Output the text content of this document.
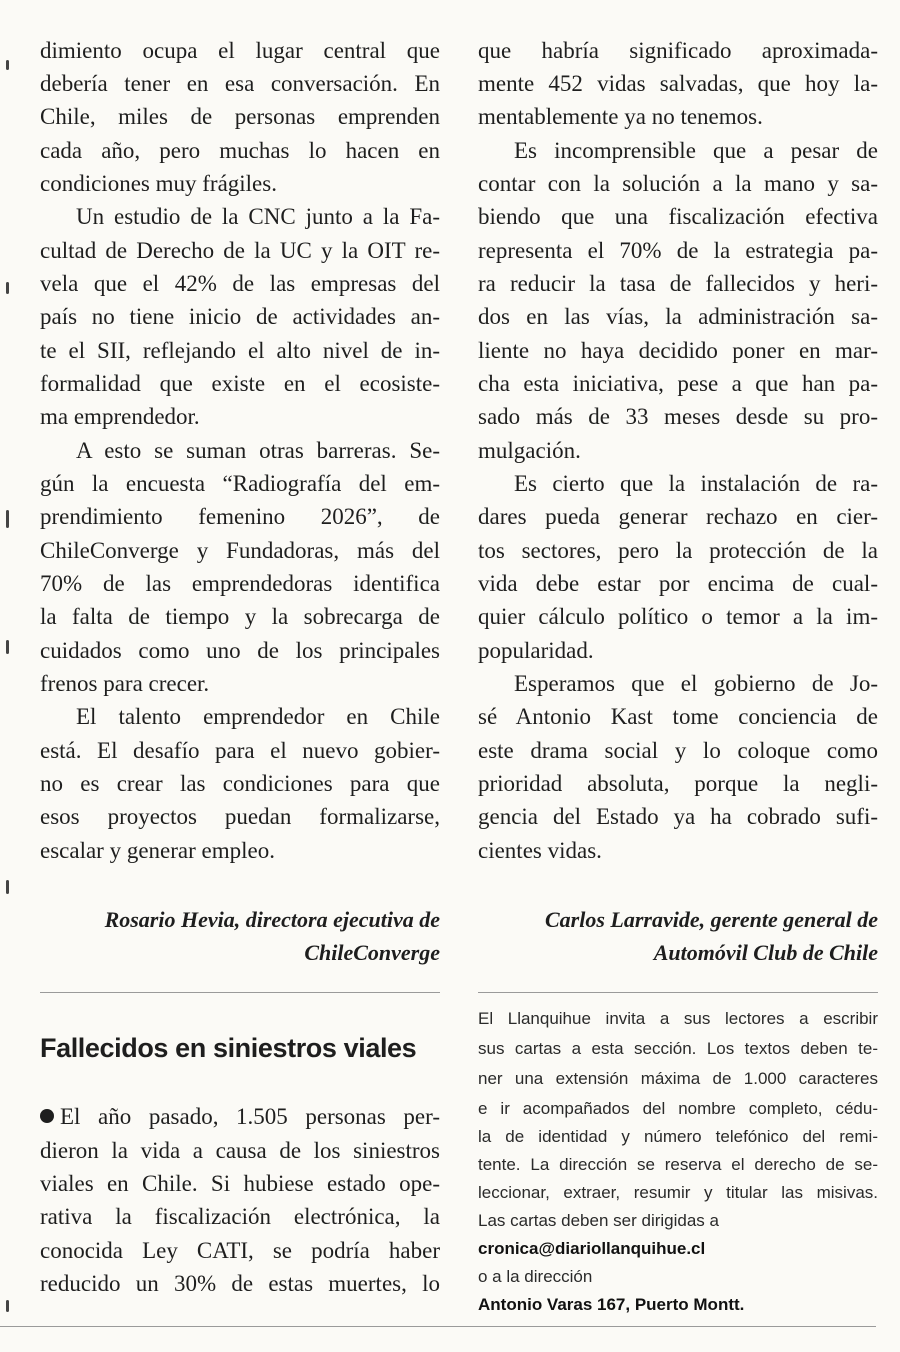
dimiento ocupa el lugar central que
debería tener en esa conversación. En
Chile, miles de personas emprenden
cada año, pero muchas lo hacen en
condiciones muy frágiles.
Un estudio de la CNC junto a la Fa-
cultad de Derecho de la UC y la OIT re-
vela que el 42% de las empresas del
país no tiene inicio de actividades an-
te el SII, reflejando el alto nivel de in-
formalidad que existe en el ecosiste-
ma emprendedor.
A esto se suman otras barreras. Se-
gún la encuesta “Radiografía del em-
prendimiento femenino 2026”, de
ChileConverge y Fundadoras, más del
70% de las emprendedoras identifica
la falta de tiempo y la sobrecarga de
cuidados como uno de los principales
frenos para crecer.
El talento emprendedor en Chile
está. El desafío para el nuevo gobier-
no es crear las condiciones para que
esos proyectos puedan formalizarse,
escalar y generar empleo.
Rosario Hevia, directora ejecutiva de
ChileConverge
Fallecidos en siniestros viales
El año pasado, 1.505 personas per-
dieron la vida a causa de los siniestros
viales en Chile. Si hubiese estado ope-
rativa la fiscalización electrónica, la
conocida Ley CATI, se podría haber
reducido un 30% de estas muertes, lo
que habría significado aproximada-
mente 452 vidas salvadas, que hoy la-
mentablemente ya no tenemos.
Es incomprensible que a pesar de
contar con la solución a la mano y sa-
biendo que una fiscalización efectiva
representa el 70% de la estrategia pa-
ra reducir la tasa de fallecidos y heri-
dos en las vías, la administración sa-
liente no haya decidido poner en mar-
cha esta iniciativa, pese a que han pa-
sado más de 33 meses desde su pro-
mulgación.
Es cierto que la instalación de ra-
dares pueda generar rechazo en cier-
tos sectores, pero la protección de la
vida debe estar por encima de cual-
quier cálculo político o temor a la im-
popularidad.
Esperamos que el gobierno de Jo-
sé Antonio Kast tome conciencia de
este drama social y lo coloque como
prioridad absoluta, porque la negli-
gencia del Estado ya ha cobrado sufi-
cientes vidas.
Carlos Larravide, gerente general de
Automóvil Club de Chile
El Llanquihue invita a sus lectores a escribir
sus cartas a esta sección. Los textos deben te-
ner una extensión máxima de 1.000 caracteres
e ir acompañados del nombre completo, cédu-
la de identidad y número telefónico del remi-
tente. La dirección se reserva el derecho de se-
leccionar, extraer, resumir y titular las misivas.
Las cartas deben ser dirigidas a
cronica@diariollanquihue.cl
o a la dirección
Antonio Varas 167, Puerto Montt.
